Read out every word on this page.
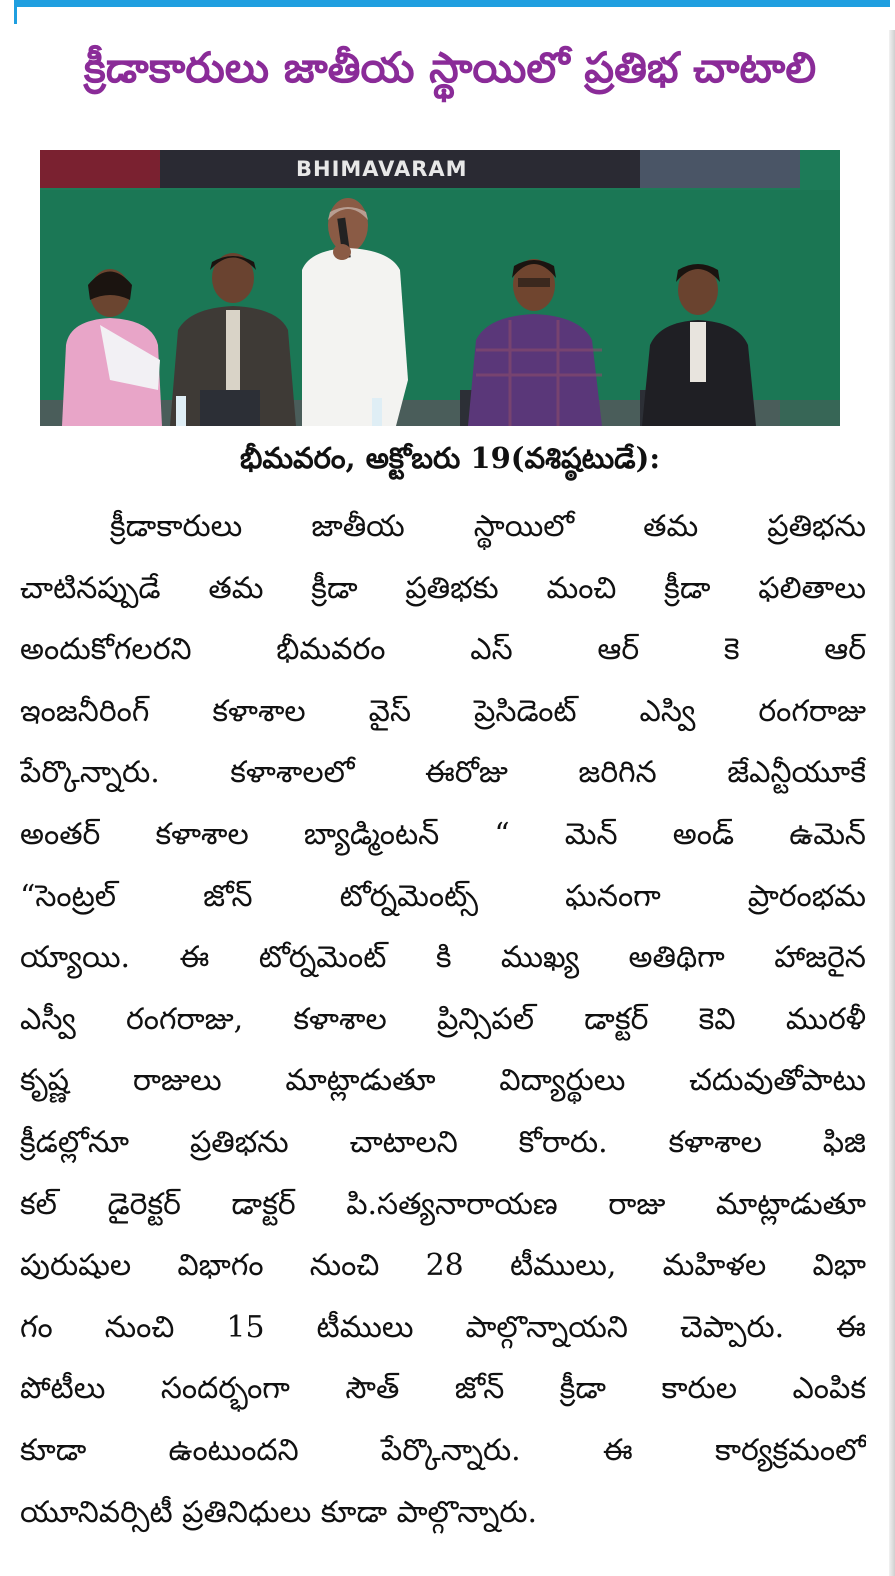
క్రీడాకారులు జాతీయ స్థాయిలో ప్రతిభ చాటాలి
BHIMAVARAM
భీమవరం, అక్టోబరు 19(వశిష్ఠటుడే):
క్రీడాకారులు జాతీయ స్థాయిలో తమ ప్రతిభను
చాటినప్పుడే తమ క్రీడా ప్రతిభకు మంచి క్రీడా ఫలితాలు
అందుకోగలరని భీమవరం ఎస్ ఆర్ కె ఆర్
ఇంజనీరింగ్ కళాశాల వైస్ ప్రెసిడెంట్ ఎస్వి రంగరాజు
పేర్కొన్నారు. కళాశాలలో ఈరోజు జరిగిన జేఎన్టీయూకే
అంతర్ కళాశాల బ్యాడ్మింటన్ “ మెన్ అండ్ ఉమెన్
“సెంట్రల్ జోన్ టోర్నమెంట్స్ ఘనంగా ప్రారంభమ
య్యాయి. ఈ టోర్నమెంట్ కి ముఖ్య అతిథిగా హాజరైన
ఎస్వీ రంగరాజు, కళాశాల ప్రిన్సిపల్ డాక్టర్ కెవి మురళీ
కృష్ణ రాజులు మాట్లాడుతూ విద్యార్థులు చదువుతోపాటు
క్రీడల్లోనూ ప్రతిభను చాటాలని కోరారు. కళాశాల ఫిజి
కల్ డైరెక్టర్ డాక్టర్ పి.సత్యనారాయణ రాజు మాట్లాడుతూ
పురుషుల విభాగం నుంచి 28 టీములు, మహిళల విభా
గం నుంచి 15 టీములు పాల్గొన్నాయని చెప్పారు. ఈ
పోటీలు సందర్భంగా సౌత్ జోన్ క్రీడా కారుల ఎంపిక
కూడా ఉంటుందని పేర్కొన్నారు. ఈ కార్యక్రమంలో
యూనివర్సిటీ ప్రతినిధులు కూడా పాల్గొన్నారు.
